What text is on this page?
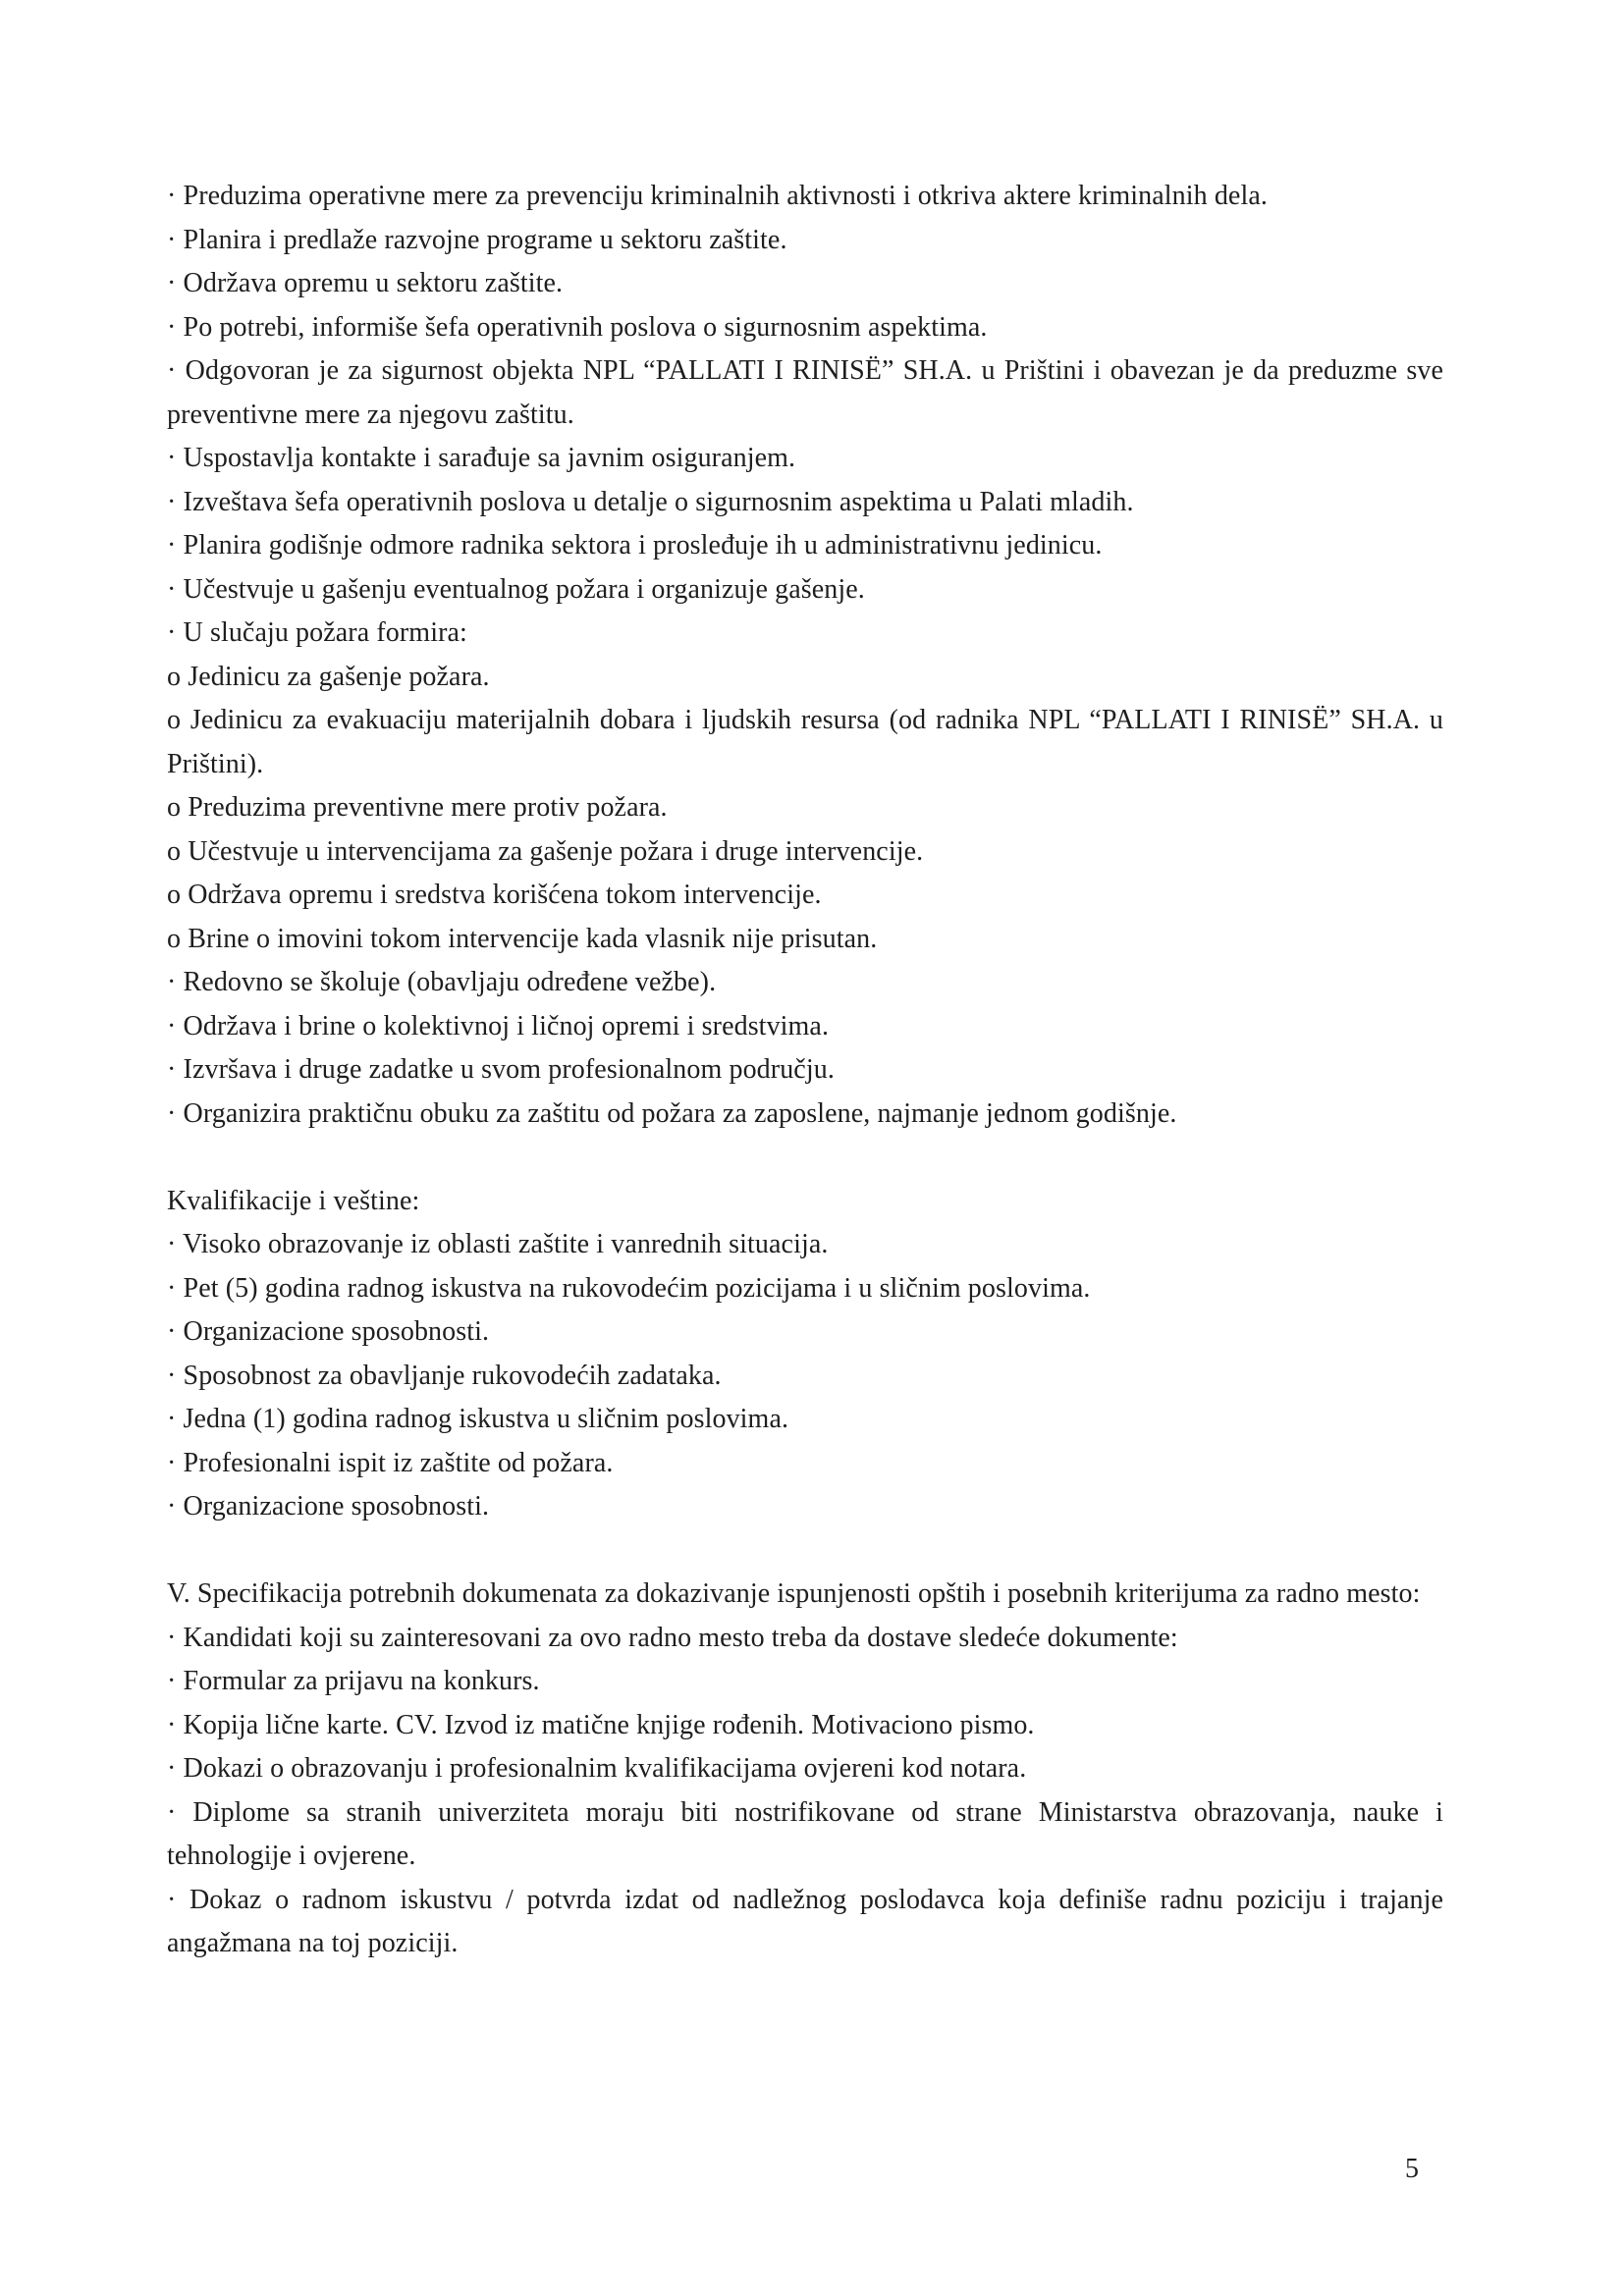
· Preduzima operativne mere za prevenciju kriminalnih aktivnosti i otkriva aktere kriminalnih dela.
· Planira i predlaže razvojne programe u sektoru zaštite.
· Održava opremu u sektoru zaštite.
· Po potrebi, informiše šefa operativnih poslova o sigurnosnim aspektima.
· Odgovoran je za sigurnost objekta NPL “PALLATI I RINISË” SH.A. u Prištini i obavezan je da preduzme sve preventivne mere za njegovu zaštitu.
· Uspostavlja kontakte i sarađuje sa javnim osiguranjem.
· Izveštava šefa operativnih poslova u detalje o sigurnosnim aspektima u Palati mladih.
· Planira godišnje odmore radnika sektora i prosleđuje ih u administrativnu jedinicu.
· Učestvuje u gašenju eventualnog požara i organizuje gašenje.
· U slučaju požara formira:
o Jedinicu za gašenje požara.
o Jedinicu za evakuaciju materijalnih dobara i ljudskih resursa (od radnika NPL “PALLATI I RINISË” SH.A. u Prištini).
o Preduzima preventivne mere protiv požara.
o Učestvuje u intervencijama za gašenje požara i druge intervencije.
o Održava opremu i sredstva korišćena tokom intervencije.
o Brine o imovini tokom intervencije kada vlasnik nije prisutan.
· Redovno se školuje (obavljaju određene vežbe).
· Održava i brine o kolektivnoj i ličnoj opremi i sredstvima.
· Izvršava i druge zadatke u svom profesionalnom području.
· Organizira praktičnu obuku za zaštitu od požara za zaposlene, najmanje jednom godišnje.
Kvalifikacije i veštine:
· Visoko obrazovanje iz oblasti zaštite i vanrednih situacija.
· Pet (5) godina radnog iskustva na rukovodećim pozicijama i u sličnim poslovima.
· Organizacione sposobnosti.
· Sposobnost za obavljanje rukovodećih zadataka.
· Jedna (1) godina radnog iskustva u sličnim poslovima.
· Profesionalni ispit iz zaštite od požara.
· Organizacione sposobnosti.
V. Specifikacija potrebnih dokumenata za dokazivanje ispunjenosti opštih i posebnih kriterijuma za radno mesto:
· Kandidati koji su zainteresovani za ovo radno mesto treba da dostave sledeće dokumente:
· Formular za prijavu na konkurs.
· Kopija lične karte. CV. Izvod iz matične knjige rođenih. Motivaciono pismo.
· Dokazi o obrazovanju i profesionalnim kvalifikacijama ovjereni kod notara.
· Diplome sa stranih univerziteta moraju biti nostrifikovane od strane Ministarstva obrazovanja, nauke i tehnologije i ovjerene.
· Dokaz o radnom iskustvu / potvrda izdat od nadležnog poslodavca koja definiše radnu poziciju i trajanje angažmana na toj poziciji.
5
